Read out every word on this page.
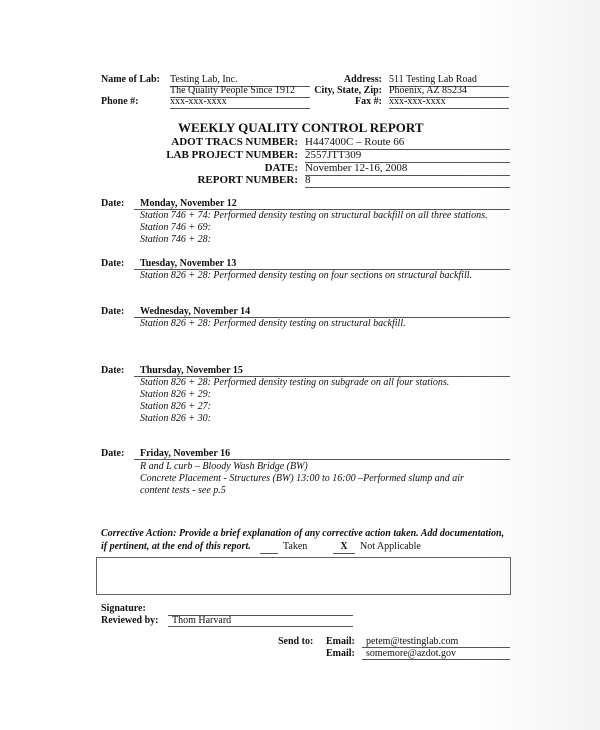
Name of Lab: Testing Lab, Inc.
The Quality People Since 1912
Phone #:	xxx-xxx-xxxx
Address: 511 Testing Lab Road
City, State, Zip: Phoenix, AZ 85234
Fax #: xxx-xxx-xxxx
WEEKLY QUALITY CONTROL REPORT
ADOT TRACS NUMBER: H447400C – Route 66
LAB PROJECT NUMBER: 2557JTT309
DATE: November 12-16, 2008
REPORT NUMBER: 8
Date:	Monday, November 12
Station 746 + 74: Performed density testing on structural backfill on all three stations.
Station 746 + 69:
Station 746 + 28:
Date:	Tuesday, November 13
Station 826 + 28: Performed density testing on four sections on structural backfill.
Date:	Wednesday, November 14
Station 826 + 28: Performed density testing on structural backfill.
Date:	Thursday, November 15
Station 826 + 28: Performed density testing on subgrade on all four stations.
Station 826 + 29:
Station 826 + 27:
Station 826 + 30:
Date:	Friday, November 16
R and L curb – Bloody Wash Bridge (BW)
Concrete Placement - Structures (BW) 13:00 to 16:00 –Performed slump and air
content tests - see p.5
Corrective Action: Provide a brief explanation of any corrective action taken. Add documentation,
if pertinent, at the end of this report.	Taken	X	Not Applicable
Signature:
Reviewed by:	Thom Harvard
Send to: Email:	petem@testinglab.com
Email:	somemore@azdot.gov
